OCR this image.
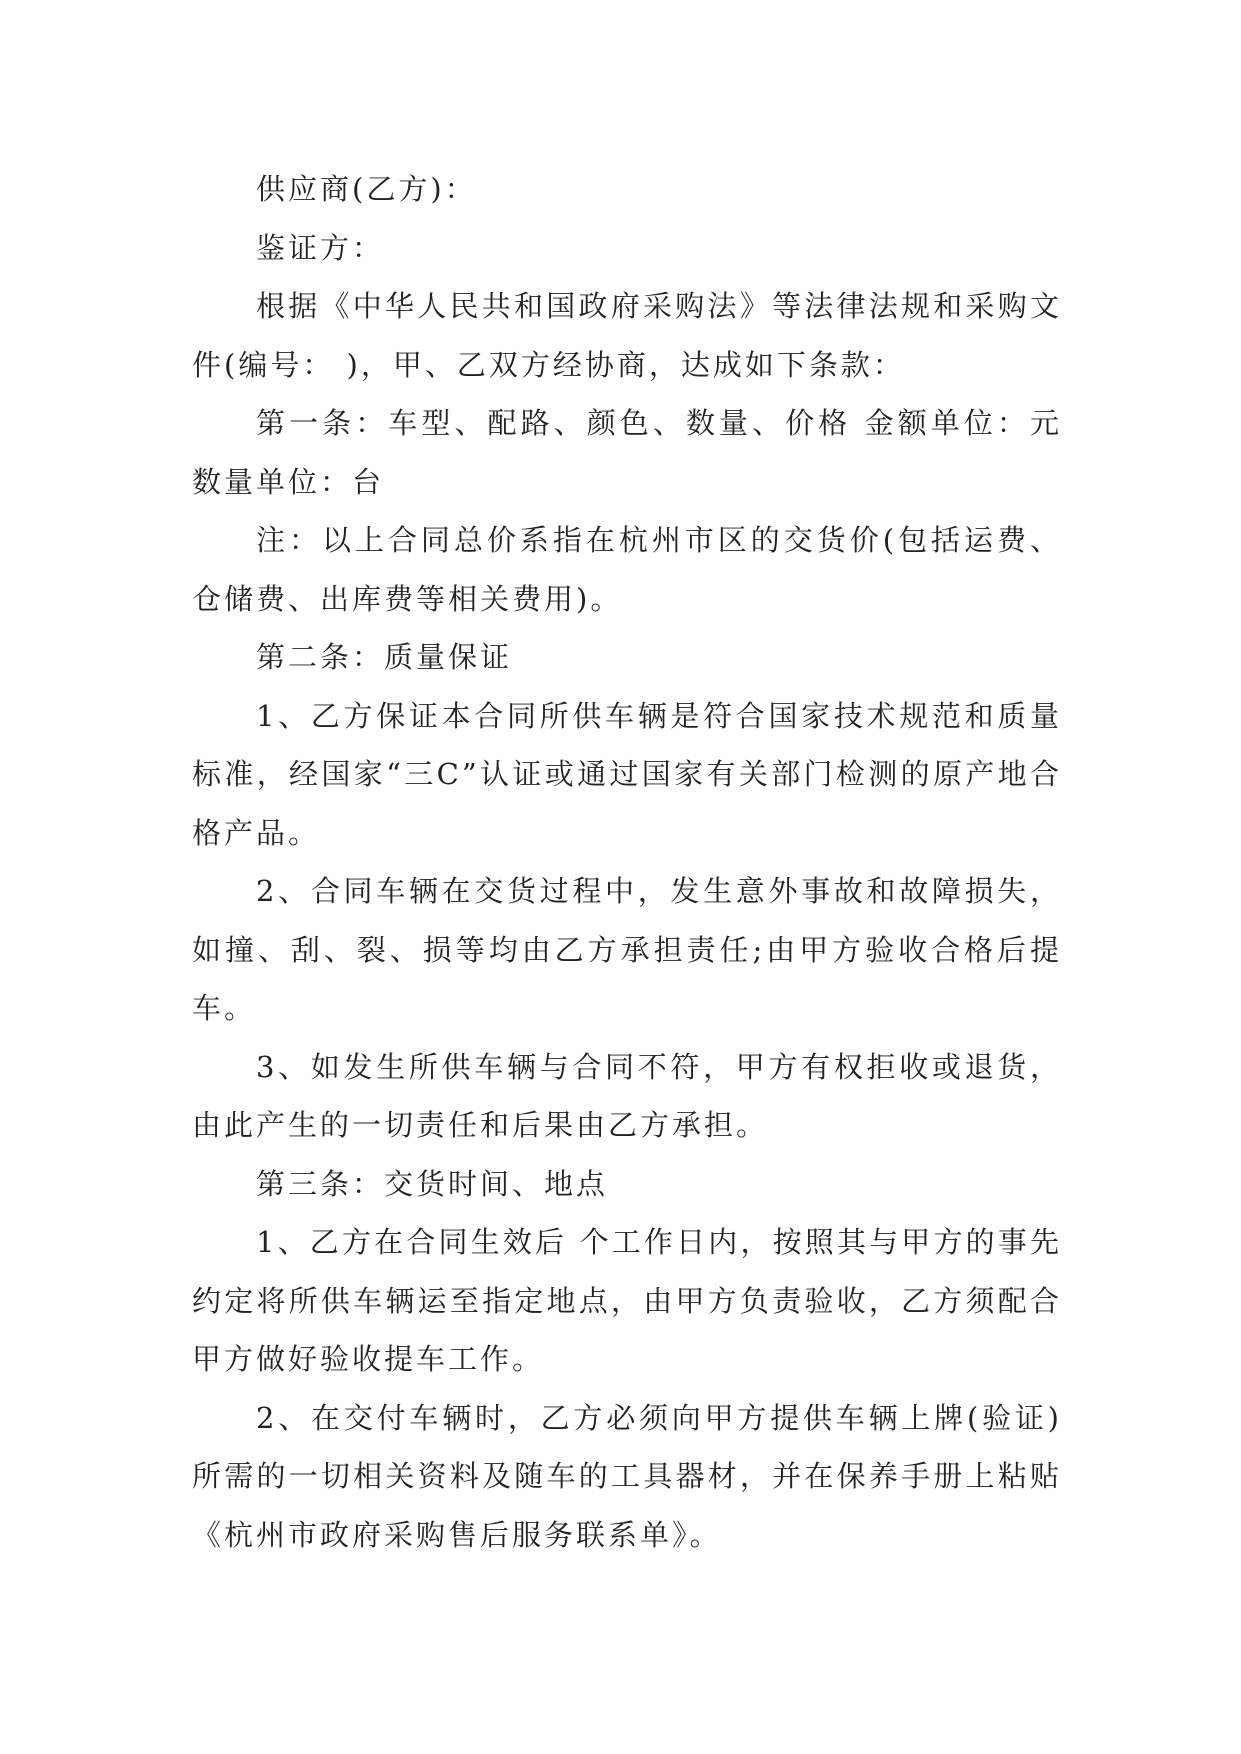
供应商(乙方)：

鉴证方：

根据《中华人民共和国政府采购法》等法律法规和采购文件(编号： )，甲、乙双方经协商，达成如下条款：

第一条：车型、配路、颜色、数量、价格 金额单位：元 数量单位：台

注：以上合同总价系指在杭州市区的交货价(包括运费、仓储费、出库费等相关费用)。

第二条：质量保证

1、乙方保证本合同所供车辆是符合国家技术规范和质量标准，经国家“三C”认证或通过国家有关部门检测的原产地合格产品。

2、合同车辆在交货过程中，发生意外事故和故障损失，如撞、刮、裂、损等均由乙方承担责任;由甲方验收合格后提车。

3、如发生所供车辆与合同不符，甲方有权拒收或退货，由此产生的一切责任和后果由乙方承担。

第三条：交货时间、地点

1、乙方在合同生效后 个工作日内，按照其与甲方的事先约定将所供车辆运至指定地点，由甲方负责验收，乙方须配合甲方做好验收提车工作。

2、在交付车辆时，乙方必须向甲方提供车辆上牌(验证)所需的一切相关资料及随车的工具器材，并在保养手册上粘贴《杭州市政府采购售后服务联系单》。
